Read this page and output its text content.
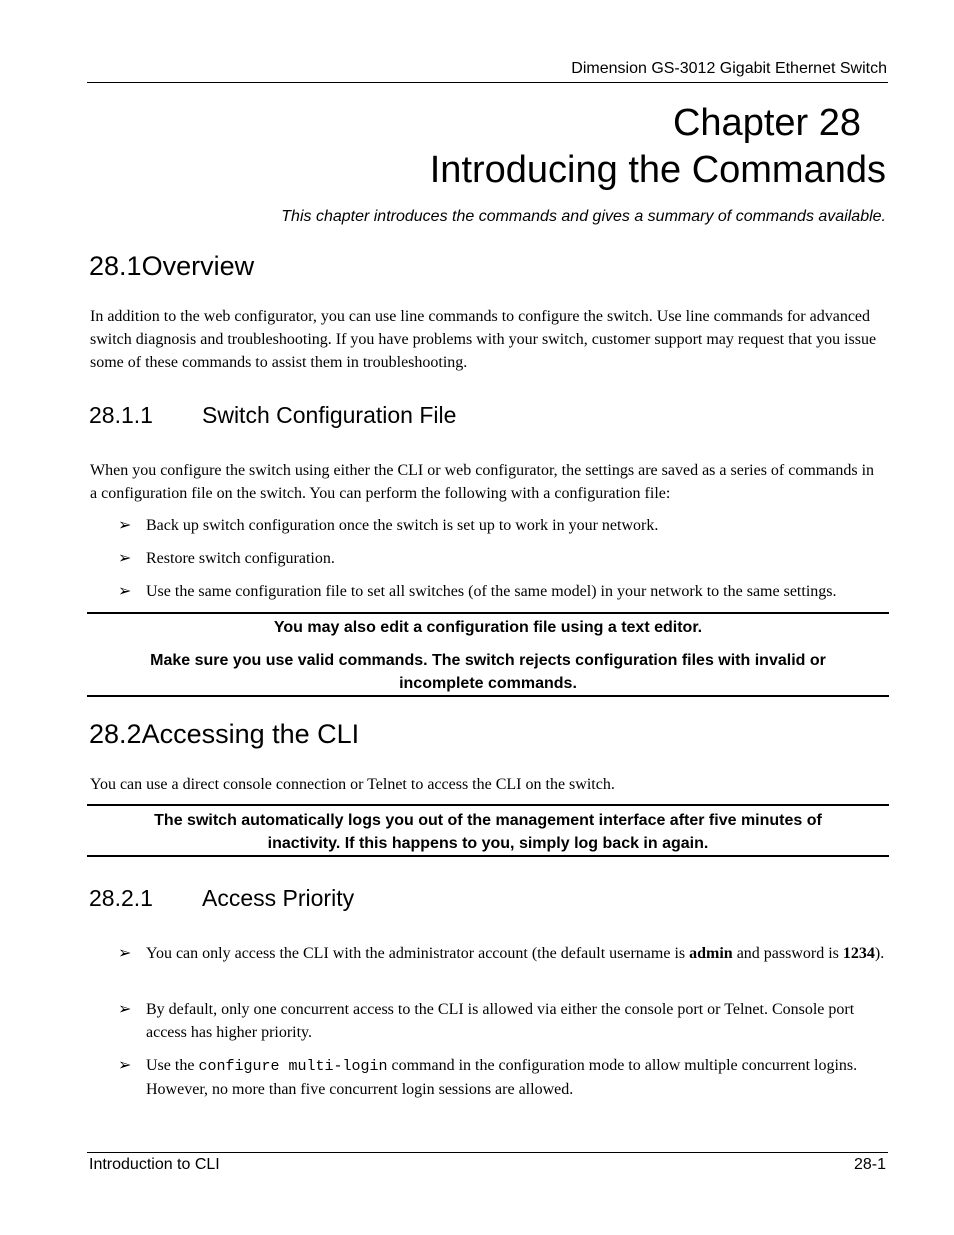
Dimension GS-3012 Gigabit Ethernet Switch
Chapter 28
Introducing the Commands
This chapter introduces the commands and gives a summary of commands available.
28.1Overview
In addition to the web configurator, you can use line commands to configure the switch. Use line commands for advanced switch diagnosis and troubleshooting. If you have problems with your switch, customer support may request that you issue some of these commands to assist them in troubleshooting.
28.1.1 Switch Configuration File
When you configure the switch using either the CLI or web configurator, the settings are saved as a series of commands in a configuration file on the switch. You can perform the following with a configuration file:
➢ Back up switch configuration once the switch is set up to work in your network.
➢ Restore switch configuration.
➢ Use the same configuration file to set all switches (of the same model) in your network to the same settings.
You may also edit a configuration file using a text editor.
Make sure you use valid commands. The switch rejects configuration files with invalid or incomplete commands.
28.2Accessing the CLI
You can use a direct console connection or Telnet to access the CLI on the switch.
The switch automatically logs you out of the management interface after five minutes of inactivity. If this happens to you, simply log back in again.
28.2.1 Access Priority
➢ You can only access the CLI with the administrator account (the default username is admin and password is 1234).
➢ By default, only one concurrent access to the CLI is allowed via either the console port or Telnet. Console port access has higher priority.
➢ Use the configure multi-login command in the configuration mode to allow multiple concurrent logins. However, no more than five concurrent login sessions are allowed.
Introduction to CLI	28-1
